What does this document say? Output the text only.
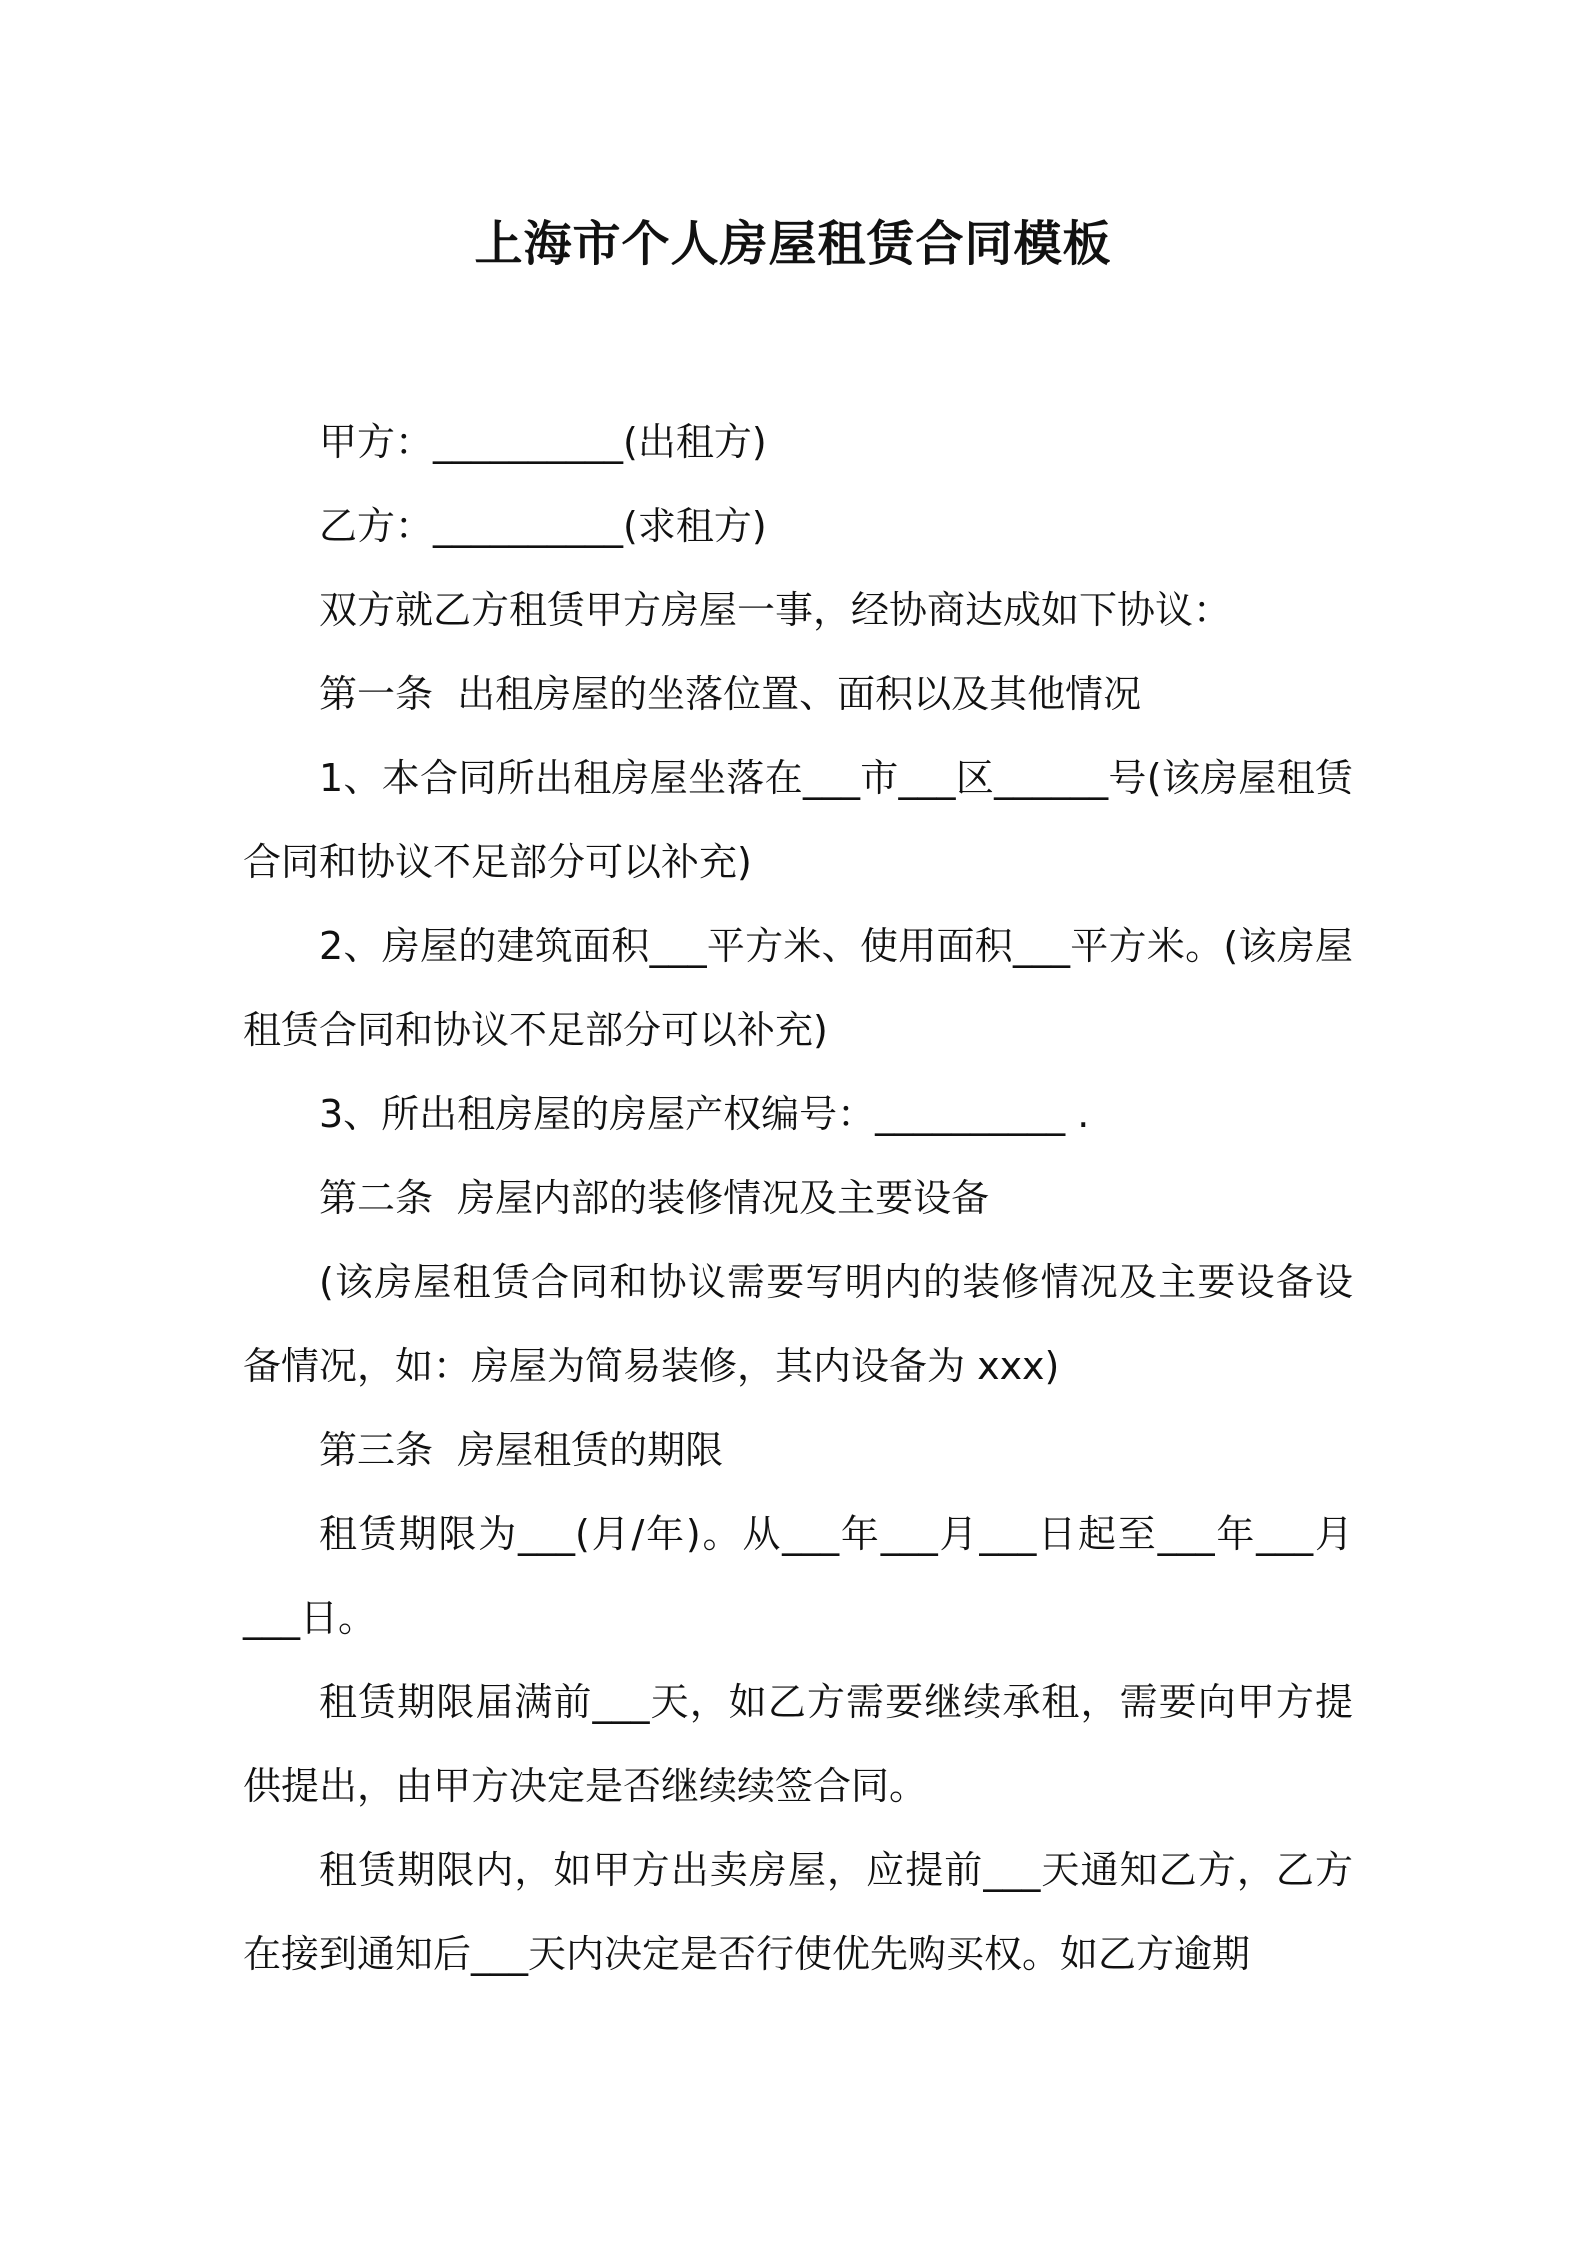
上海市个人房屋租赁合同模板

甲方：__________(出租方)

乙方：__________(求租方)

双方就乙方租赁甲方房屋一事，经协商达成如下协议：

第一条  出租房屋的坐落位置、面积以及其他情况

1、本合同所出租房屋坐落在___市___区______号(该房屋租赁合同和协议不足部分可以补充)

2、房屋的建筑面积___平方米、使用面积___平方米。(该房屋租赁合同和协议不足部分可以补充)

3、所出租房屋的房屋产权编号：__________ .

第二条  房屋内部的装修情况及主要设备

(该房屋租赁合同和协议需要写明内的装修情况及主要设备设备情况，如：房屋为简易装修，其内设备为 xxx)

第三条  房屋租赁的期限

租赁期限为___(月/年)。从___年___月___日起至___年___月___日。

租赁期限届满前___天，如乙方需要继续承租，需要向甲方提供提出，由甲方决定是否继续续签合同。

租赁期限内，如甲方出卖房屋，应提前___天通知乙方，乙方在接到通知后___天内决定是否行使优先购买权。如乙方逾期
